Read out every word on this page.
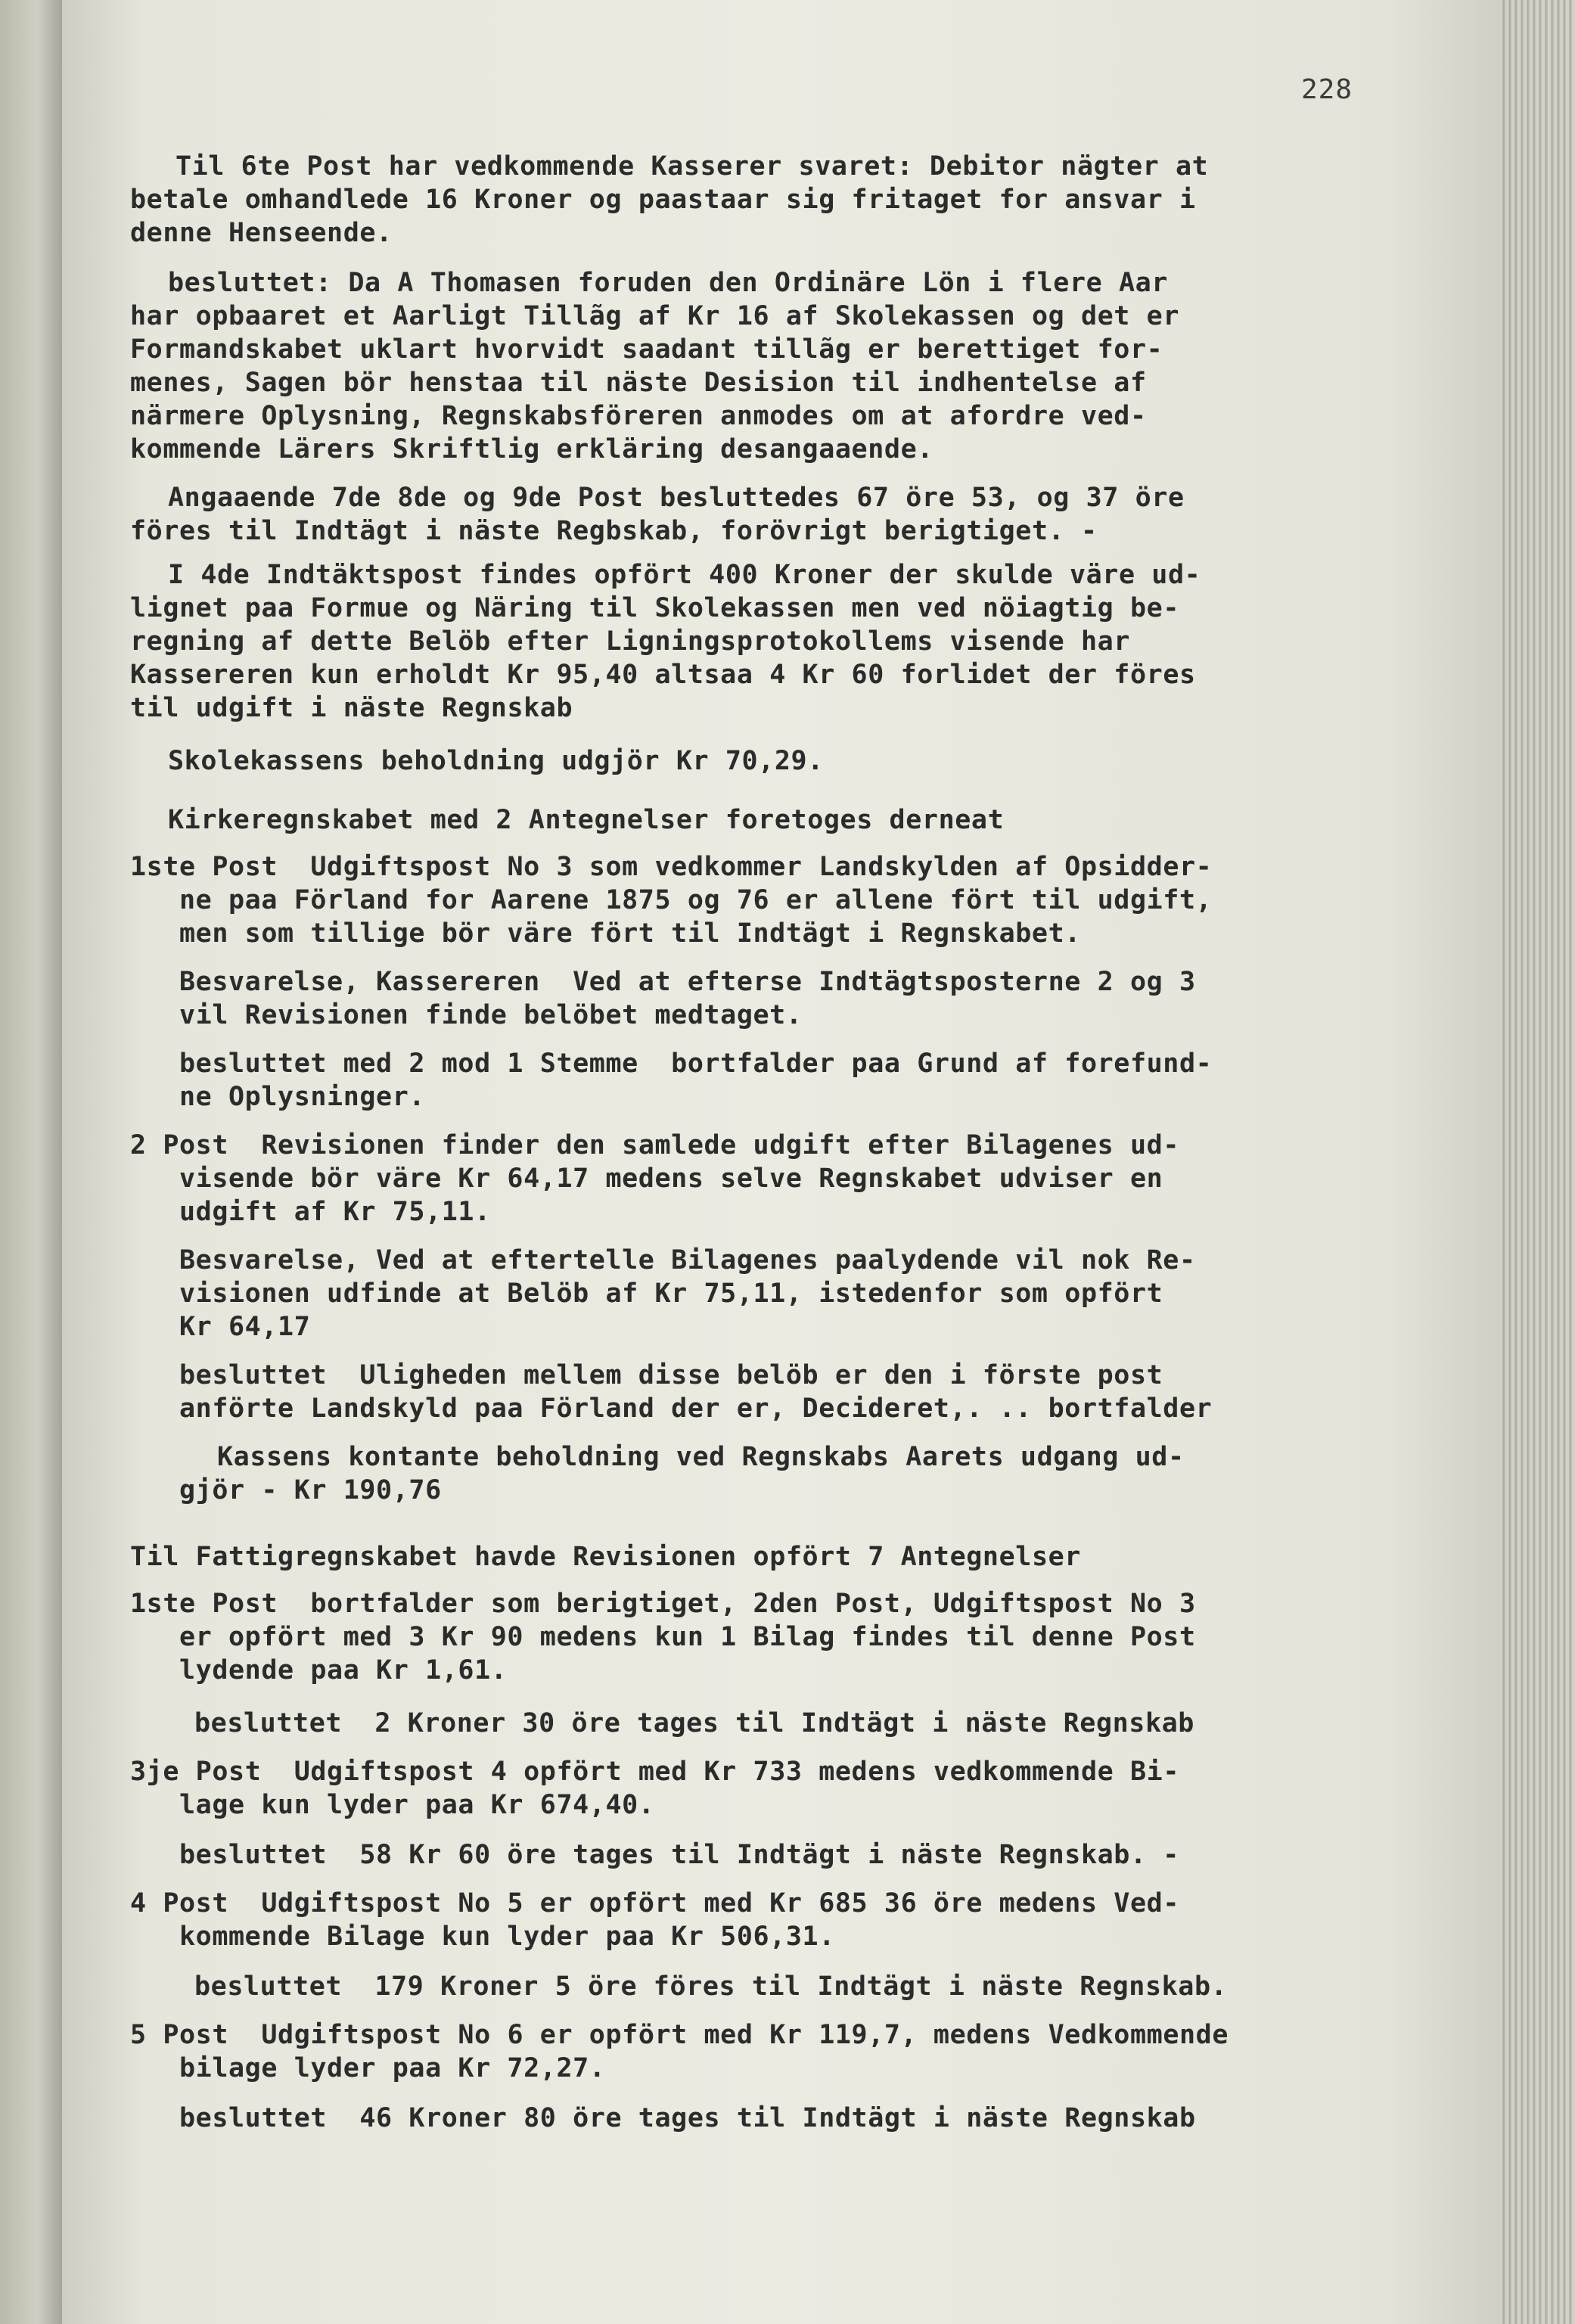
228

Til 6te Post har vedkommende Kasserer svaret: Debitor nägter at

betale omhandlede 16 Kroner og paastaar sig fritaget for ansvar i

denne Henseende.

besluttet: Da A Thomasen foruden den Ordinäre Lön i flere Aar

har opbaaret et Aarligt Tillãg af Kr 16 af Skolekassen og det er

Formandskabet uklart hvorvidt saadant tillãg er berettiget for-

menes, Sagen bör henstaa til näste Desision til indhentelse af

närmere Oplysning, Regnskabsföreren anmodes om at afordre ved-

kommende Lärers Skriftlig erkläring desangaaende.

Angaaende 7de 8de og 9de Post besluttedes 67 öre 53, og 37 öre

föres til Indtägt i näste Regbskab, forövrigt berigtiget. -

I 4de Indtäktspost findes opfört 400 Kroner der skulde väre ud-

lignet paa Formue og Näring til Skolekassen men ved nöiagtig be-

regning af dette Belöb efter Ligningsprotokollems visende har

Kassereren kun erholdt Kr 95,40 altsaa 4 Kr 60 forlidet der föres

til udgift i näste Regnskab

Skolekassens beholdning udgjör Kr 70,29.

Kirkeregnskabet med 2 Antegnelser foretoges derneat

1ste Post  Udgiftspost No 3 som vedkommer Landskylden af Opsidder-

ne paa Förland for Aarene 1875 og 76 er allene fört til udgift,

men som tillige bör väre fört til Indtägt i Regnskabet.

Besvarelse, Kassereren  Ved at efterse Indtägtsposterne 2 og 3

vil Revisionen finde belöbet medtaget.

besluttet med 2 mod 1 Stemme  bortfalder paa Grund af forefund-

ne Oplysninger.

2 Post  Revisionen finder den samlede udgift efter Bilagenes ud-

visende bör väre Kr 64,17 medens selve Regnskabet udviser en

udgift af Kr 75,11.

Besvarelse, Ved at eftertelle Bilagenes paalydende vil nok Re-

visionen udfinde at Belöb af Kr 75,11, istedenfor som opfört

Kr 64,17

besluttet  Uligheden mellem disse belöb er den i förste post

anförte Landskyld paa Förland der er, Decideret,. .. bortfalder

Kassens kontante beholdning ved Regnskabs Aarets udgang ud-

gjör - Kr 190,76

Til Fattigregnskabet havde Revisionen opfört 7 Antegnelser

1ste Post  bortfalder som berigtiget, 2den Post, Udgiftspost No 3

er opfört med 3 Kr 90 medens kun 1 Bilag findes til denne Post

lydende paa Kr 1,61.

besluttet  2 Kroner 30 öre tages til Indtägt i näste Regnskab

3je Post  Udgiftspost 4 opfört med Kr 733 medens vedkommende Bi-

lage kun lyder paa Kr 674,40.

besluttet  58 Kr 60 öre tages til Indtägt i näste Regnskab. -

4 Post  Udgiftspost No 5 er opfört med Kr 685 36 öre medens Ved-

kommende Bilage kun lyder paa Kr 506,31.

besluttet  179 Kroner 5 öre föres til Indtägt i näste Regnskab.

5 Post  Udgiftspost No 6 er opfört med Kr 119,7, medens Vedkommende

bilage lyder paa Kr 72,27.

besluttet  46 Kroner 80 öre tages til Indtägt i näste Regnskab
